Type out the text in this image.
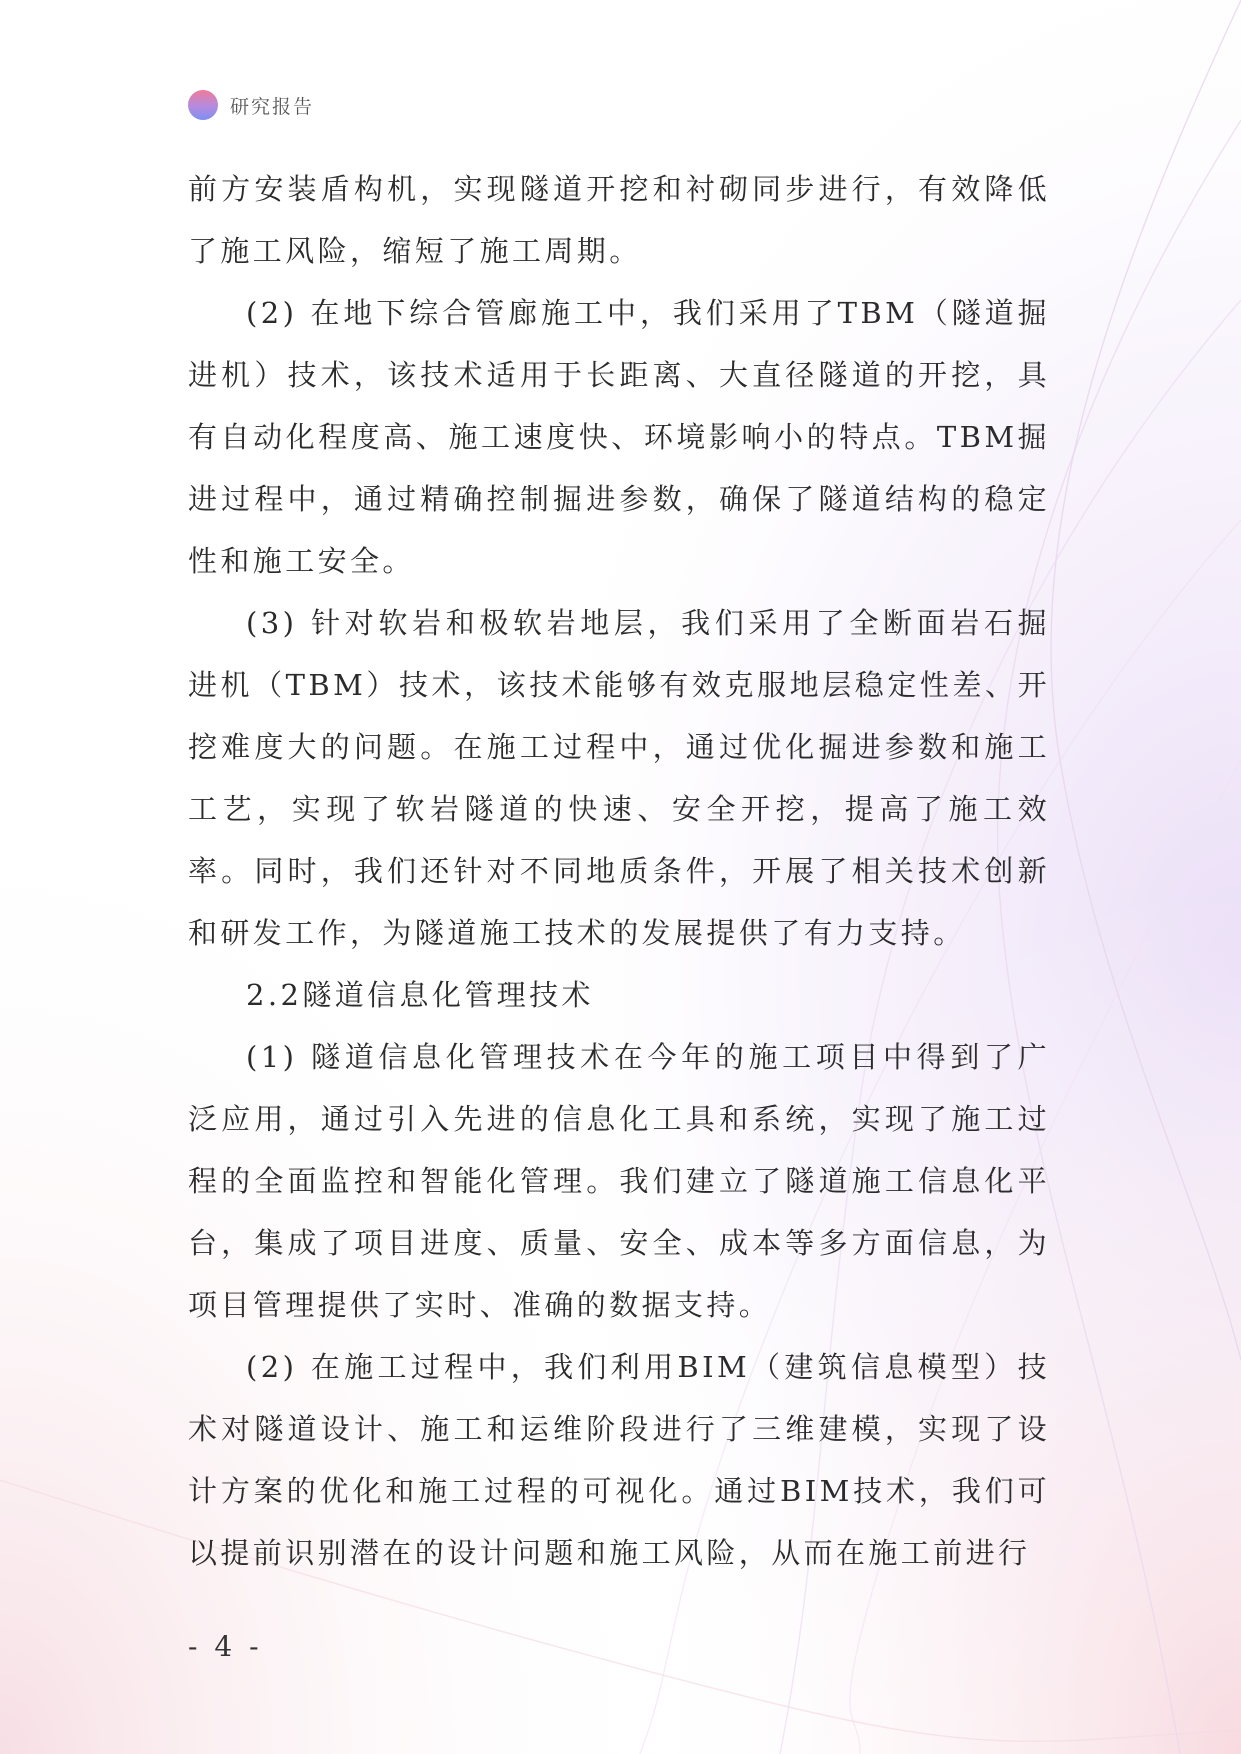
研究报告

前方安装盾构机，实现隧道开挖和衬砌同步进行，有效降低了施工风险，缩短了施工周期。

(2) 在地下综合管廊施工中，我们采用了TBM（隧道掘进机）技术，该技术适用于长距离、大直径隧道的开挖，具有自动化程度高、施工速度快、环境影响小的特点。TBM掘进过程中，通过精确控制掘进参数，确保了隧道结构的稳定性和施工安全。

(3) 针对软岩和极软岩地层，我们采用了全断面岩石掘进机（TBM）技术，该技术能够有效克服地层稳定性差、开挖难度大的问题。在施工过程中，通过优化掘进参数和施工工艺，实现了软岩隧道的快速、安全开挖，提高了施工效率。同时，我们还针对不同地质条件，开展了相关技术创新和研发工作，为隧道施工技术的发展提供了有力支持。

2.2隧道信息化管理技术

(1) 隧道信息化管理技术在今年的施工项目中得到了广泛应用，通过引入先进的信息化工具和系统，实现了施工过程的全面监控和智能化管理。我们建立了隧道施工信息化平台，集成了项目进度、质量、安全、成本等多方面信息，为项目管理提供了实时、准确的数据支持。

(2) 在施工过程中，我们利用BIM（建筑信息模型）技术对隧道设计、施工和运维阶段进行了三维建模，实现了设计方案的优化和施工过程的可视化。通过BIM技术，我们可以提前识别潜在的设计问题和施工风险，从而在施工前进行

- 4 -
